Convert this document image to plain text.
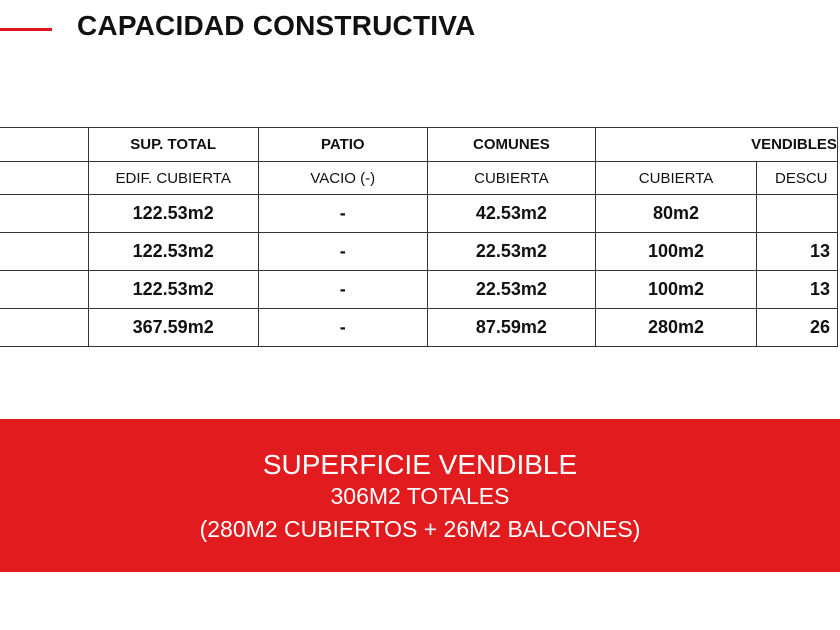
CAPACIDAD CONSTRUCTIVA
	SUP. TOTAL	PATIO	COMUNES	VENDIBLES	
	EDIF. CUBIERTA	VACIO (-)	CUBIERTA	CUBIERTA	DESCU
	122.53m2	-	42.53m2	80m2	
	122.53m2	-	22.53m2	100m2	13
	122.53m2	-	22.53m2	100m2	13
	367.59m2	-	87.59m2	280m2	26
SUPERFICIE VENDIBLE
306M2 TOTALES
(280M2 CUBIERTOS + 26M2 BALCONES)
